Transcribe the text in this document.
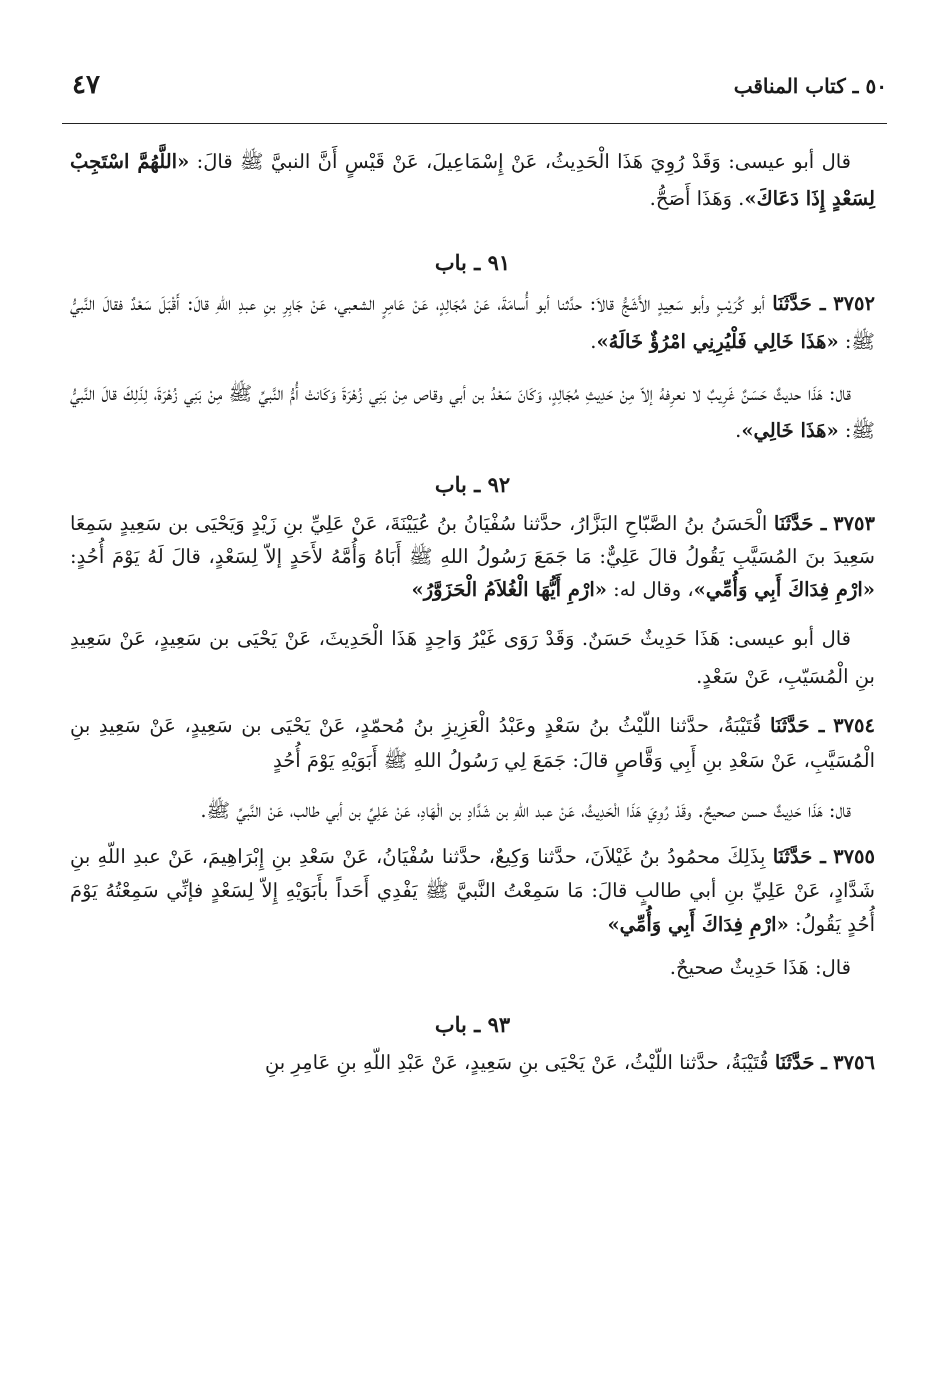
٤٧	٥٠ ـ كتاب المناقب

قال أبو عيسى: وَقَدْ رُوِيَ هَذَا الْحَدِيثُ، عَنْ إِسْمَاعِيلَ، عَنْ قَيْسٍ أَنَّ النبيَّ ﷺ قالَ: «اللَّهُمَّ اسْتَجِبْ لِسَعْدٍ إِذَا دَعَاكَ». وَهَذَا أَصَحُّ.

٩١ ـ باب

٣٧٥٢ ـ حَدَّثَنَا أبو كُرَيْبٍ وأبو سَعِيدٍ الأَشَجُّ قالاَ: حدَّثنا أبو أُسامَةَ، عَنْ مُجَالِدٍ، عَنْ عَامِرٍ الشعبي، عَنْ جَابِرِ بنِ عبدِ اللهِ قالَ: أَقْبَلَ سَعْدٌ فقالَ النَّبيُّ ﷺ: «هَذَا خَالِي فَلْيُرِنِي امْرُؤٌ خَالَهُ».

قال: هَذَا حديثٌ حَسَنٌ غَرِيبٌ لا نعرِفهُ إلاّ مِنْ حَدِيثِ مُجَالِدٍ، وَكَانَ سَعْدُ بن أبي وقاص مِنْ بَنِي زُهْرَةَ وَكَانتْ أُمُّ النَّبيِّ ﷺ مِنْ بَنِي زُهْرَةَ، لِذَلِكَ قالَ النَّبيُّ ﷺ: «هَذَا خَالِي».

٩٢ ـ باب

٣٧٥٣ ـ حَدَّثَنَا الْحَسَنُ بنُ الصَّبّاحِ البَزَّارُ، حدَّثنا سُفْيَانُ بنُ عُيَيْنَةَ، عَنْ عَلِيِّ بنِ زَيْدٍ وَيَحْيَى بن سَعِيدٍ سَمِعَا سَعِيدَ بنَ المُسَيَّبِ يَقُولُ قالَ عَلِيٌّ: مَا جَمَعَ رَسُولُ اللهِ ﷺ أَبَاهُ وَأُمَّهُ لأَحَدٍ إلاّ لِسَعْدٍ، قالَ لَهُ يَوْمَ أُحُدٍ: «ارْمِ فِدَاكَ أَبِي وَأُمِّي»، وقال له: «ارْمِ أَيُّهَا الْغُلاَمُ الْحَزَوَّرُ»

قال أبو عيسى: هَذَا حَدِيثٌ حَسَنٌ. وَقَدْ رَوَى غَيْرُ وَاحِدٍ هَذَا الْحَدِيثَ، عَنْ يَحْيَى بن سَعِيدٍ، عَنْ سَعِيدِ بنِ الْمُسَيّبِ، عَنْ سَعْدٍ.

٣٧٥٤ ـ حَدَّثَنَا قُتَيْبَةُ، حدَّثنا اللّيْثُ بنُ سَعْدٍ وعَبْدُ الْعَزِيزِ بنُ مُحمّدٍ، عَنْ يَحْيَى بن سَعِيدٍ، عَنْ سَعِيدِ بنِ الْمُسَيَّبِ، عَنْ سَعْدِ بنِ أَبِي وَقَّاصٍ قالَ: جَمَعَ لِي رَسُولُ اللهِ ﷺ أَبَوَيْهِ يَوْمَ أُحُدٍ

قال: هَذَا حَدِيثٌ حسن صحيحٌ. وقَدْ رُوِيَ هَذَا الْحَدِيثُ، عَنْ عبد اللّهِ بن شَدَّادِ بن الْهَادِ، عَنْ عَلِيِّ بن أبي طالب، عَنْ النَّبيِّ ﷺ.

٣٧٥٥ ـ حَدَّثَنَا بِذَلِكَ محمُودُ بنُ غَيْلاَنَ، حدَّثنا وَكِيعٌ، حدَّثنا سُفْيَانُ، عَنْ سَعْدِ بنِ إِبْرَاهِيمَ، عَنْ عبدِ اللّهِ بنِ شَدَّادٍ، عَنْ عَلِيِّ بنِ أبي طالبٍ قالَ: مَا سَمِعْتُ النَّبيَّ ﷺ يَفْدِي أَحَداً بأَبَوَيْهِ إِلاّ لِسَعْدٍ فإنِّي سَمِعْتُهُ يَوْمَ أُحُدٍ يَقُولُ: «ارْمِ فِدَاكَ أَبِي وَأُمِّي»

قال: هَذَا حَدِيثٌ صحيحٌ.

٩٣ ـ باب

٣٧٥٦ ـ حَدَّثَنَا قُتَيْبَةُ، حدَّثنا اللّيْثُ، عَنْ يَحْيَى بنِ سَعِيدٍ، عَنْ عَبْدِ اللّهِ بنِ عَامِرِ بنِ
